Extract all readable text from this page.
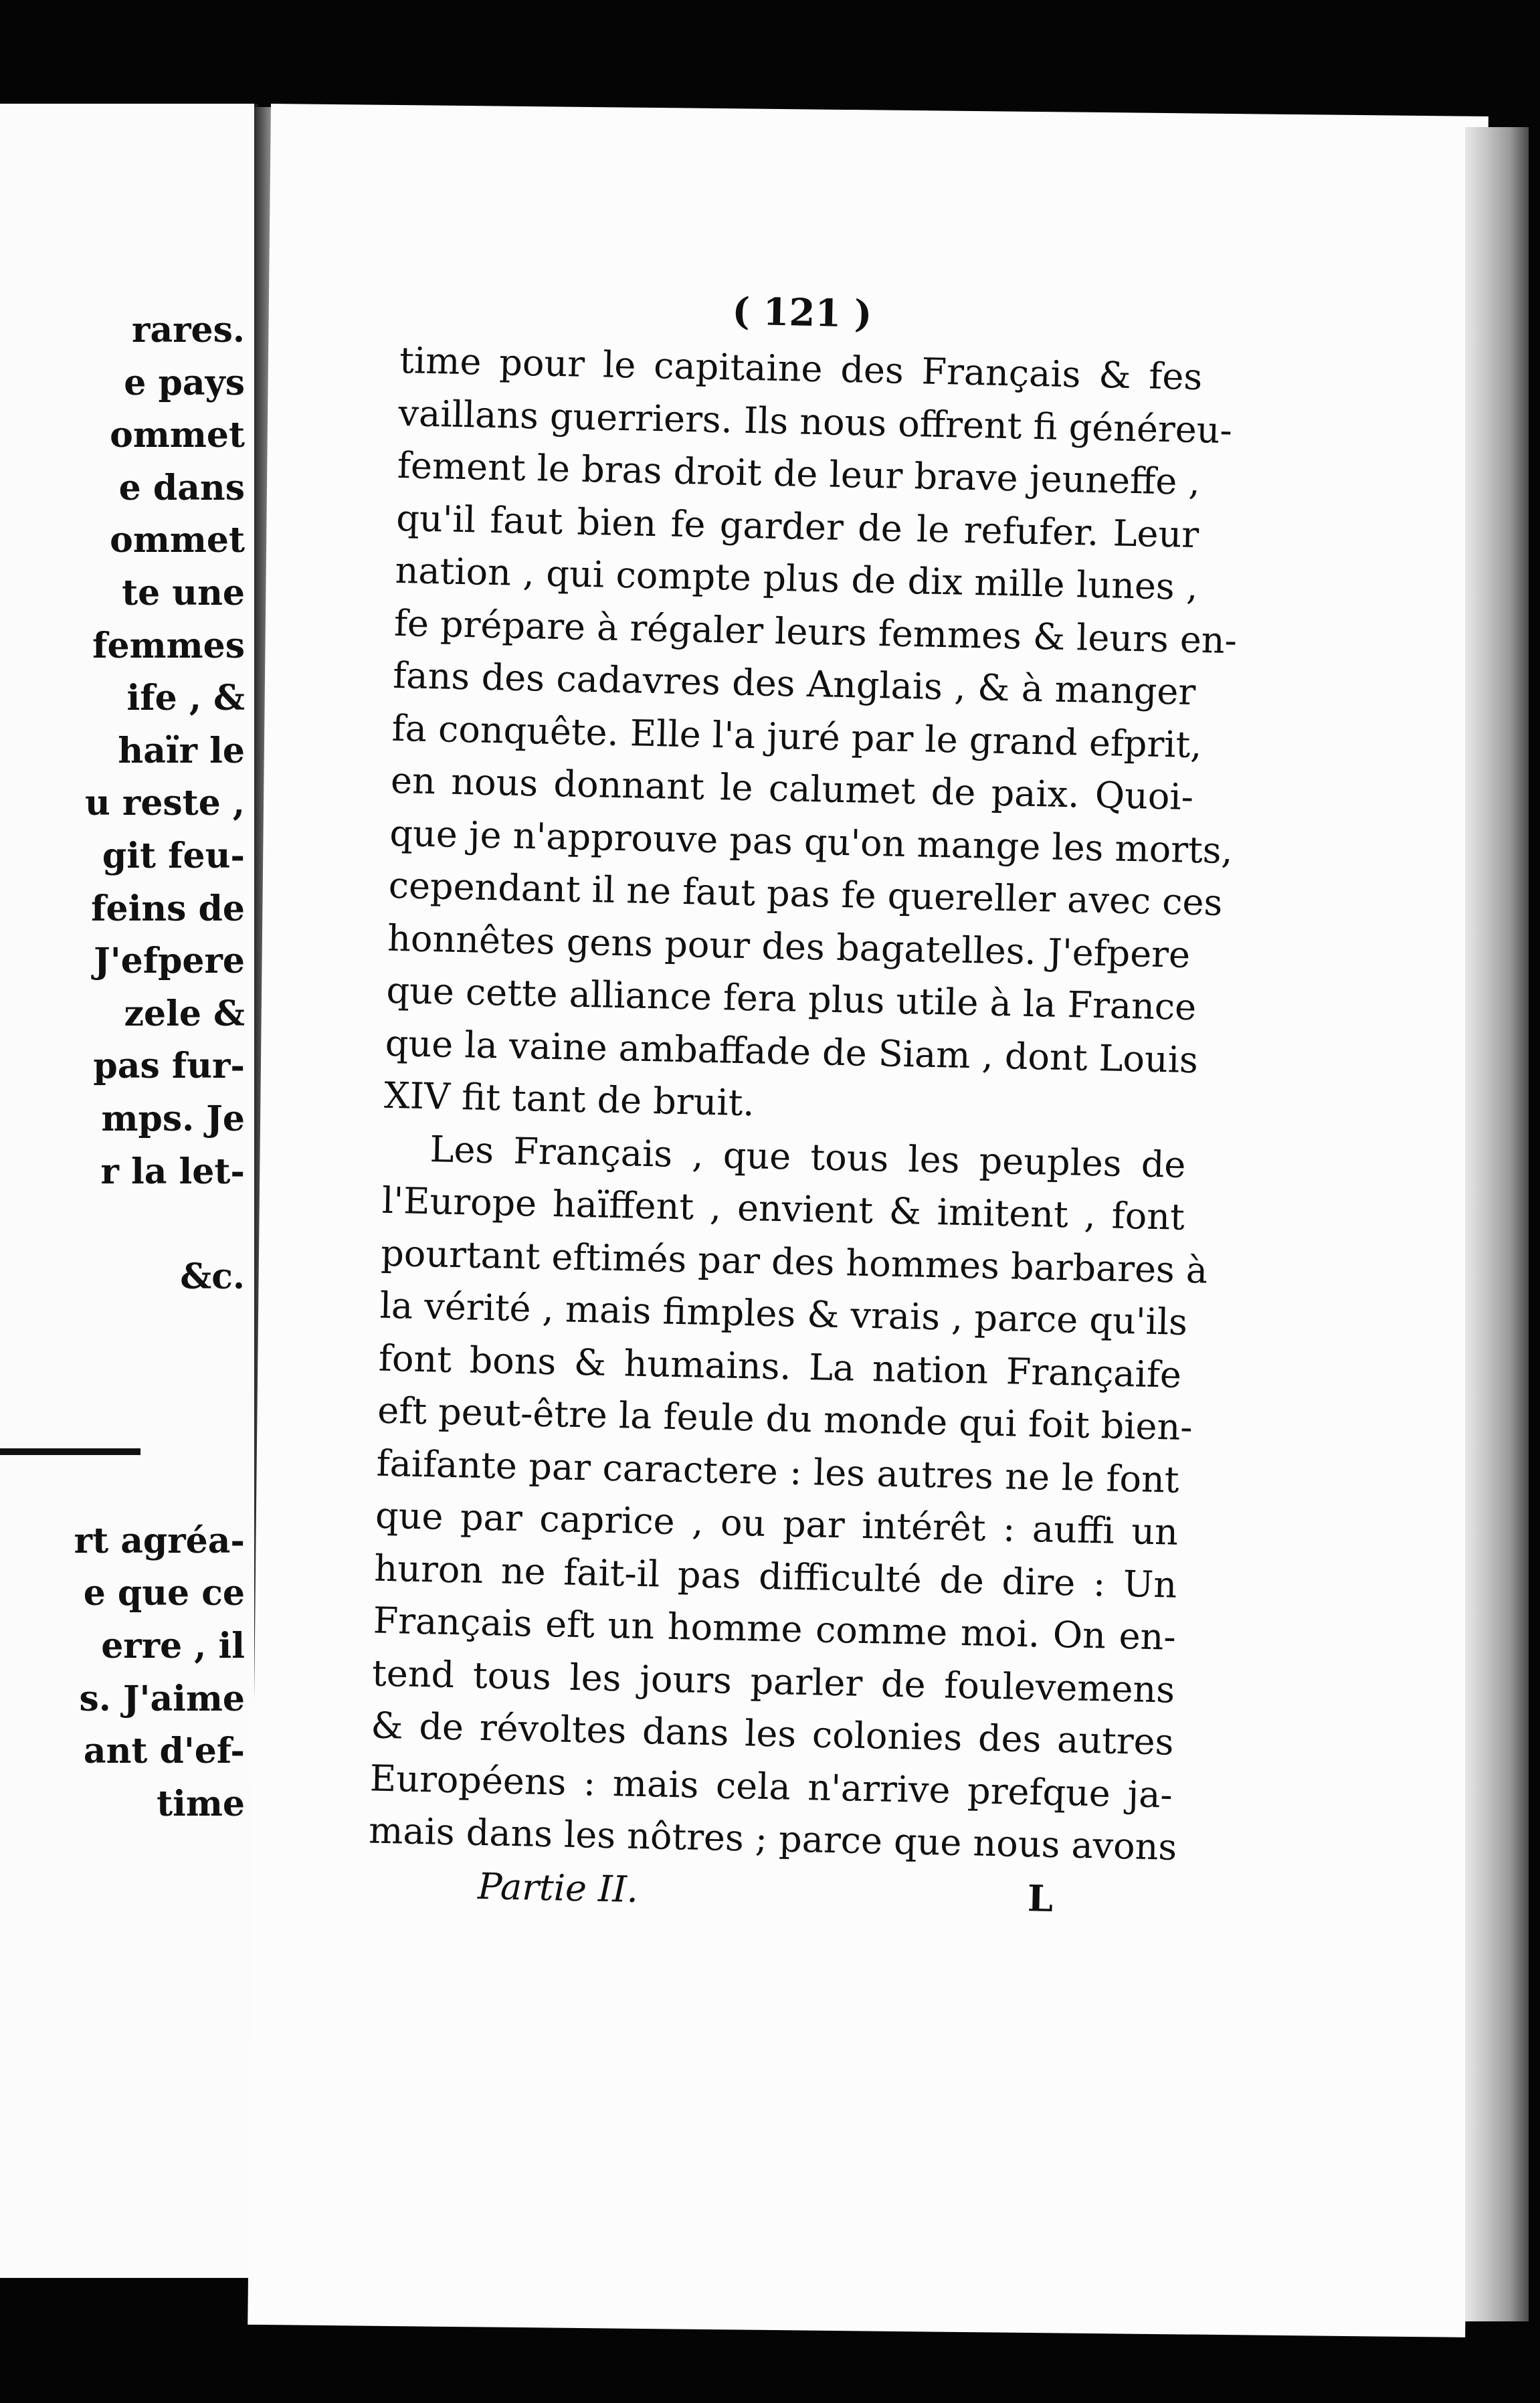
rares.
e pays
ommet
e dans
ommet
te une
femmes
ife , &
haïr le
u reste ,
git feu-
feins de
J'efpere
zele &
pas fur-
mps. Je
r la let-
&c.
rt agréa-
e que ce
erre , il
s. J'aime
ant d'ef-
time
( 121 )
time pour le capitaine des Français & fes
vaillans guerriers. Ils nous offrent fi généreu-
fement le bras droit de leur brave jeuneffe ,
qu'il faut bien fe garder de le refufer. Leur
nation , qui compte plus de dix mille lunes ,
fe prépare à régaler leurs femmes & leurs en-
fans des cadavres des Anglais , & à manger
fa conquête. Elle l'a juré par le grand efprit,
en nous donnant le calumet de paix. Quoi-
que je n'approuve pas qu'on mange les morts,
cependant il ne faut pas fe quereller avec ces
honnêtes gens pour des bagatelles. J'efpere
que cette alliance fera plus utile à la France
que la vaine ambaffade de Siam , dont Louis
XIV fit tant de bruit.
Les Français , que tous les peuples de
l'Europe haïffent , envient & imitent , font
pourtant eftimés par des hommes barbares à
la vérité , mais fimples & vrais , parce qu'ils
font bons & humains. La nation Françaife
eft peut-être la feule du monde qui foit bien-
faifante par caractere : les autres ne le font
que par caprice , ou par intérêt : auffi un
huron ne fait-il pas difficulté de dire : Un
Français eft un homme comme moi. On en-
tend tous les jours parler de foulevemens
& de révoltes dans les colonies des autres
Européens : mais cela n'arrive prefque ja-
mais dans les nôtres ; parce que nous avons
Partie II.	L
